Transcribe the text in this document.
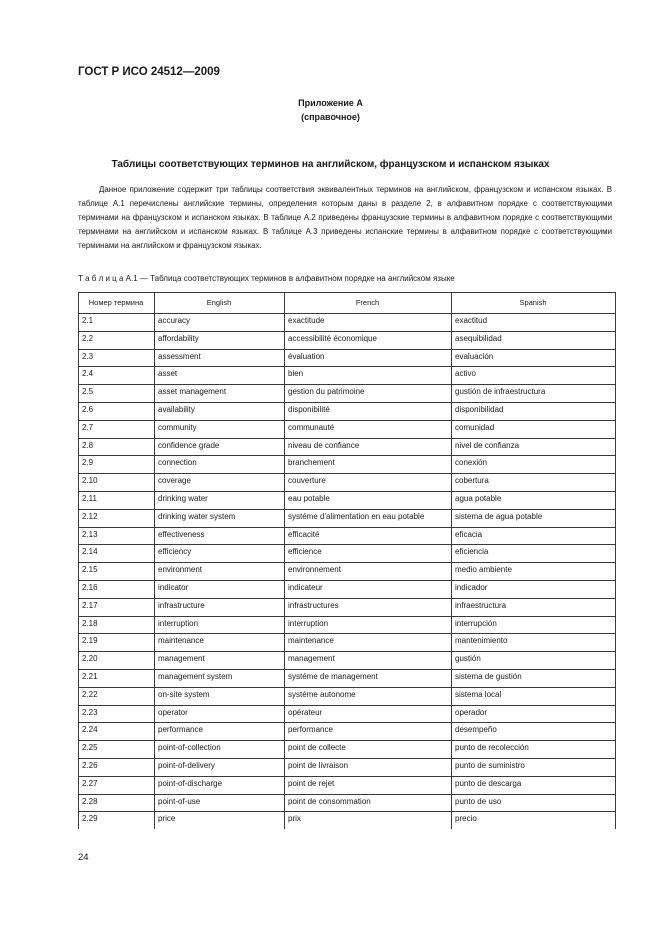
ГОСТ Р ИСО 24512—2009

Приложение А
(справочное)

Таблицы соответствующих терминов на английском, французском и испанском языках

Данное приложение содержит три таблицы соответствия эквивалентных терминов на английском, французском и испанском языках. В таблице А.1 перечислены английские термины, определения которым даны в разделе 2, в алфавитном порядке с соответствующими терминами на французском и испанском языках. В таблице А.2 приведены французские термины в алфавитном порядке с соответствующими терминами на английском и испанском языках. В таблице А.3 приведены испанские термины в алфавитном порядке с соответствующими терминами на английском и французском языках.

Т а б л и ц а А.1 — Таблица соответствующих терминов в алфавитном порядке на английском языке

Номер термина	English	French	Spanish
2.1	accuracy	exactitude	exactitud
2.2	affordability	accessibilité économique	asequibilidad
2.3	assessment	évaluation	evaluación
2.4	asset	bien	activo
2.5	asset management	gestion du patrimoine	gustión de infraestructura
2.6	availability	disponibilité	disponibilidad
2.7	community	communauté	comunidad
2.8	confidence grade	niveau de confiance	nivel de confianza
2.9	connection	branchement	conexión
2.10	coverage	couverture	cobertura
2.11	drinking water	eau potable	agua potable
2.12	drinking water system	systéme d'alimentation en eau potable	sistema de agua potable
2.13	effectiveness	efficacité	eficacia
2.14	efficiency	efficience	eficiencia
2.15	environment	environnement	medio ambiente
2.16	indicator	indicateur	indicador
2.17	infrastructure	infrastructures	infraestructura
2.18	interruption	interruption	interrupción
2.19	maintenance	maintenance	mantenimiento
2.20	management	management	gustión
2.21	management system	systéme de management	sistema de gustión
2.22	on-site system	systéme autonome	sistema local
2.23	operator	opérateur	operador
2.24	performance	performance	desempeño
2.25	point-of-collection	point de collecte	punto de recolección
2.26	point-of-delivery	point de livraison	punto de suministro
2.27	point-of-discharge	point de rejet	punto de descarga
2.28	point-of-use	point de consommation	punto de uso
2.29	price	prix	precio

24
